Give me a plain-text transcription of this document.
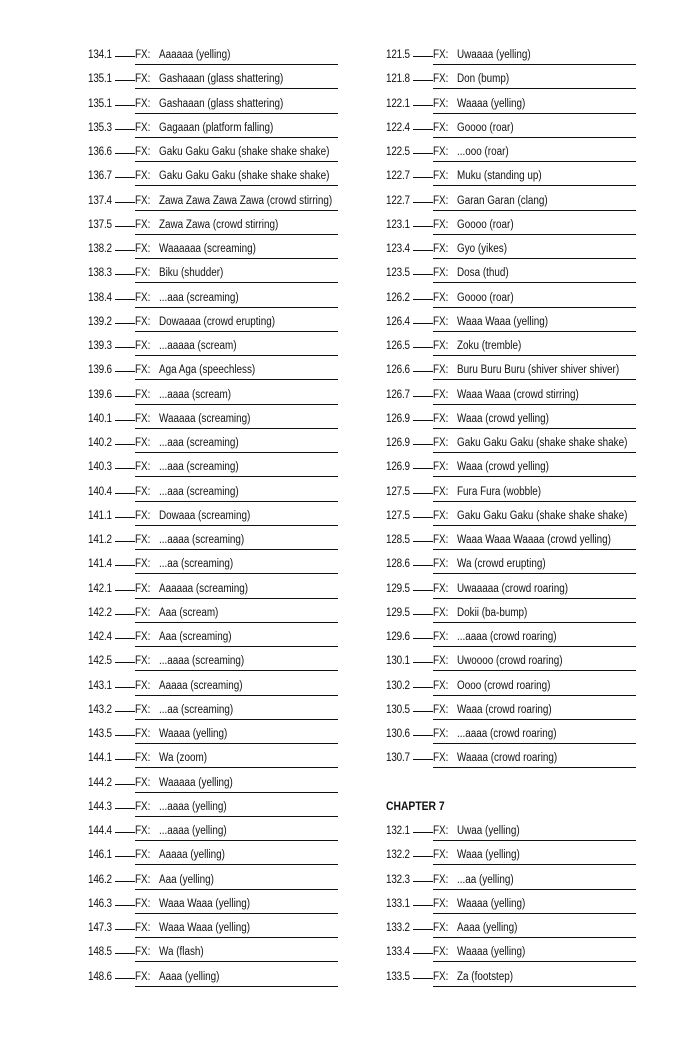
134.1 FX: Aaaaaa (yelling)
135.1 FX: Gashaaan (glass shattering)
135.1 FX: Gashaaan (glass shattering)
135.3 FX: Gagaaan (platform falling)
136.6 FX: Gaku Gaku Gaku (shake shake shake)
136.7 FX: Gaku Gaku Gaku (shake shake shake)
137.4 FX: Zawa Zawa Zawa Zawa (crowd stirring)
137.5 FX: Zawa Zawa (crowd stirring)
138.2 FX: Waaaaaa (screaming)
138.3 FX: Biku (shudder)
138.4 FX: ...aaa (screaming)
139.2 FX: Dowaaaa (crowd erupting)
139.3 FX: ...aaaaa (scream)
139.6 FX: Aga Aga (speechless)
139.6 FX: ...aaaa (scream)
140.1 FX: Waaaaa (screaming)
140.2 FX: ...aaa (screaming)
140.3 FX: ...aaa (screaming)
140.4 FX: ...aaa (screaming)
141.1 FX: Dowaaa (screaming)
141.2 FX: ...aaaa (screaming)
141.4 FX: ...aa (screaming)
142.1 FX: Aaaaaa (screaming)
142.2 FX: Aaa (scream)
142.4 FX: Aaa (screaming)
142.5 FX: ...aaaa (screaming)
143.1 FX: Aaaaa (screaming)
143.2 FX: ...aa (screaming)
143.5 FX: Waaaa (yelling)
144.1 FX: Wa (zoom)
144.2 FX: Waaaaa (yelling)
144.3 FX: ...aaaa (yelling)
144.4 FX: ...aaaa (yelling)
146.1 FX: Aaaaa (yelling)
146.2 FX: Aaa (yelling)
146.3 FX: Waaa Waaa (yelling)
147.3 FX: Waaa Waaa (yelling)
148.5 FX: Wa (flash)
148.6 FX: Aaaa (yelling)
121.5 FX: Uwaaaa (yelling)
121.8 FX: Don (bump)
122.1 FX: Waaaa (yelling)
122.4 FX: Goooo (roar)
122.5 FX: ...ooo (roar)
122.7 FX: Muku (standing up)
122.7 FX: Garan Garan (clang)
123.1 FX: Goooo (roar)
123.4 FX: Gyo (yikes)
123.5 FX: Dosa (thud)
126.2 FX: Goooo (roar)
126.4 FX: Waaa Waaa (yelling)
126.5 FX: Zoku (tremble)
126.6 FX: Buru Buru Buru (shiver shiver shiver)
126.7 FX: Waaa Waaa (crowd stirring)
126.9 FX: Waaa (crowd yelling)
126.9 FX: Gaku Gaku Gaku (shake shake shake)
126.9 FX: Waaa (crowd yelling)
127.5 FX: Fura Fura (wobble)
127.5 FX: Gaku Gaku Gaku (shake shake shake)
128.5 FX: Waaa Waaa Waaaa (crowd yelling)
128.6 FX: Wa (crowd erupting)
129.5 FX: Uwaaaaa (crowd roaring)
129.5 FX: Dokii (ba-bump)
129.6 FX: ...aaaa (crowd roaring)
130.1 FX: Uwoooo (crowd roaring)
130.2 FX: Oooo (crowd roaring)
130.5 FX: Waaa (crowd roaring)
130.6 FX: ...aaaa (crowd roaring)
130.7 FX: Waaaa (crowd roaring)
CHAPTER 7
132.1 FX: Uwaa (yelling)
132.2 FX: Waaa (yelling)
132.3 FX: ...aa (yelling)
133.1 FX: Waaaa (yelling)
133.2 FX: Aaaa (yelling)
133.4 FX: Waaaa (yelling)
133.5 FX: Za (footstep)
